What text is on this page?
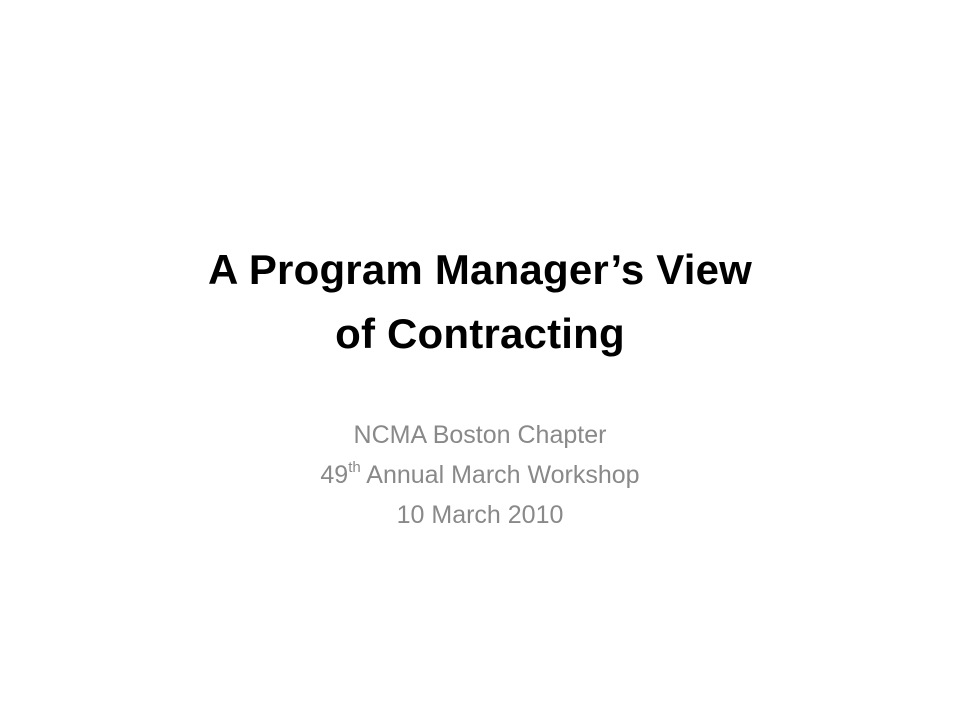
A Program Manager’s View
of Contracting
NCMA Boston Chapter
49th Annual March Workshop
10 March 2010
